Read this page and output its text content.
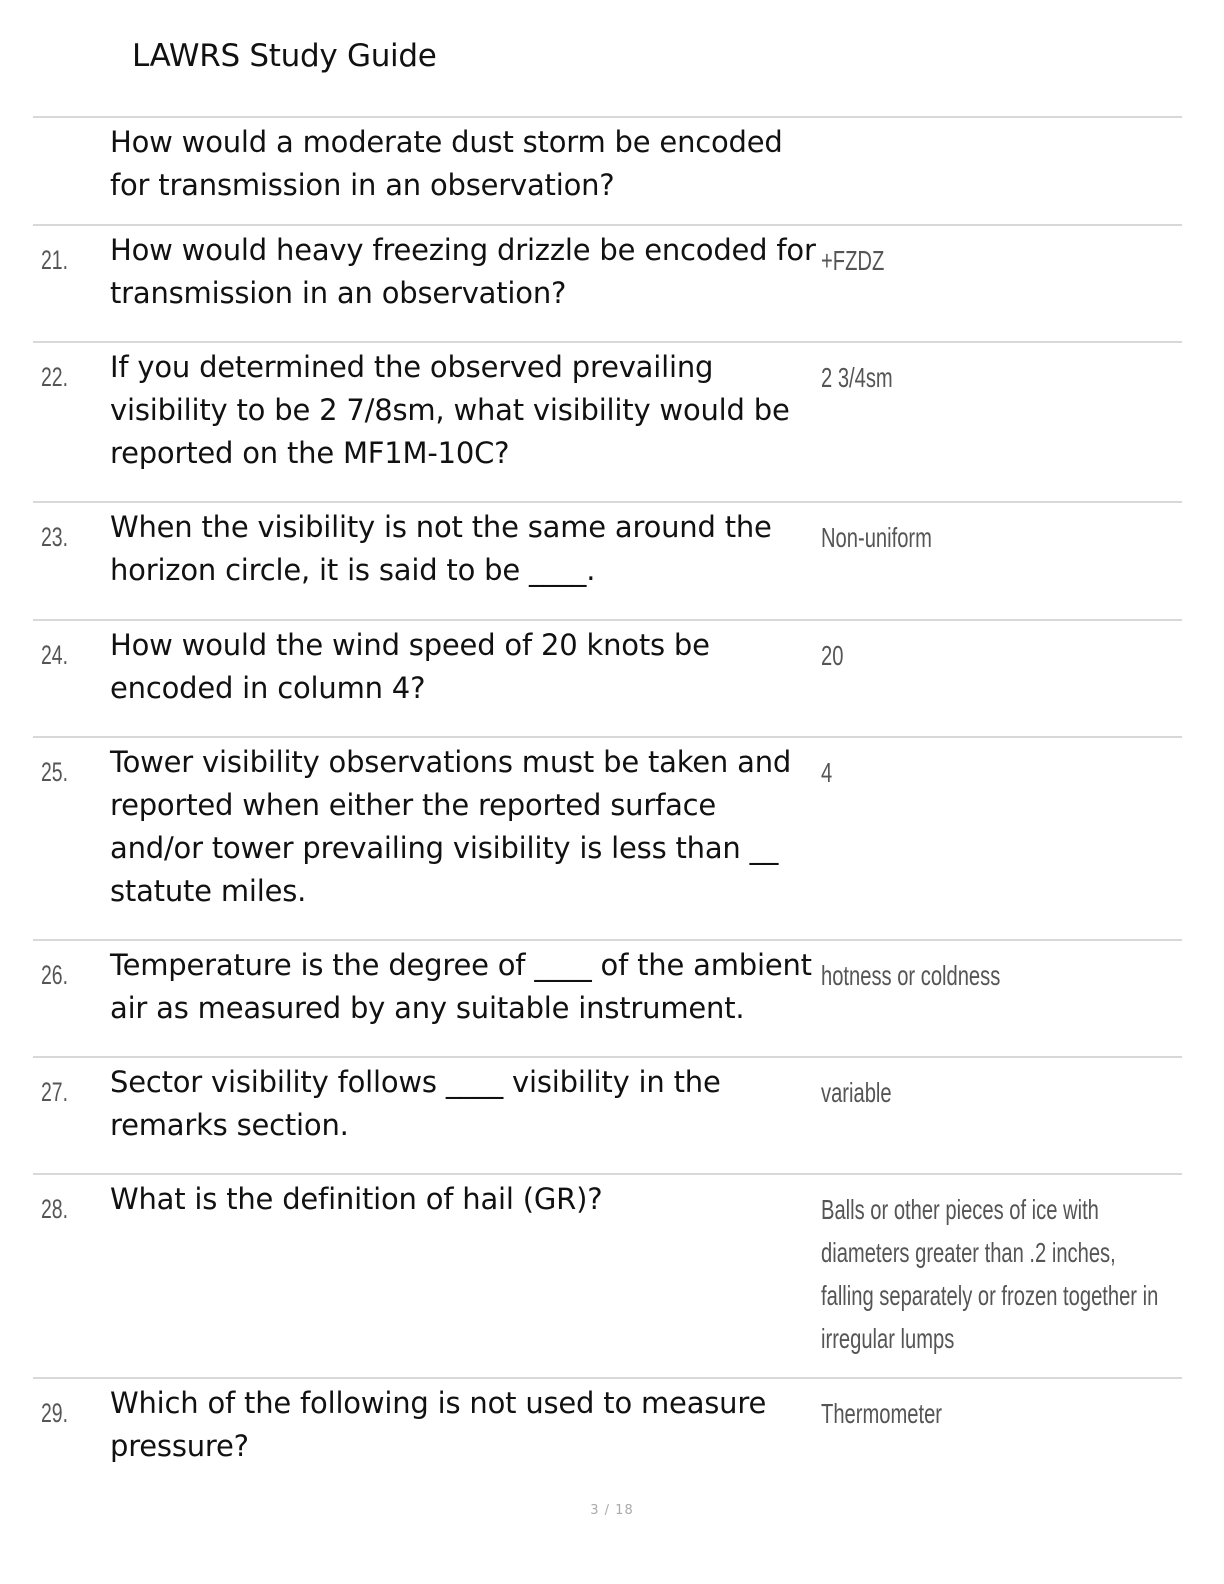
LAWRS Study Guide

How would a moderate dust storm be encoded for transmission in an observation?

21. How would heavy freezing drizzle be encoded for transmission in an observation?

+FZDZ
22. If you determined the observed prevailing visibility to be 2 7/8sm, what visibility would be reported on the MF1M-10C?

2 3/4sm
23. When the visibility is not the same around the horizon circle, it is said to be ____.

Non-uniform
24. How would the wind speed of 20 knots be encoded in column 4?

20
25. Tower visibility observations must be taken and reported when either the reported surface and/or tower prevailing visibility is less than __ statute miles.

4
26. Temperature is the degree of ____ of the ambient air as measured by any suitable instrument.

hotness or coldness
27. Sector visibility follows ____ visibility in the remarks section.

variable
28. What is the definition of hail (GR)?	Balls or other pieces of ice with diameters greater than .2 inches, falling separately or frozen together in irregular lumps
29. Which of the following is not used to measure pressure?

Thermometer
3 / 18
